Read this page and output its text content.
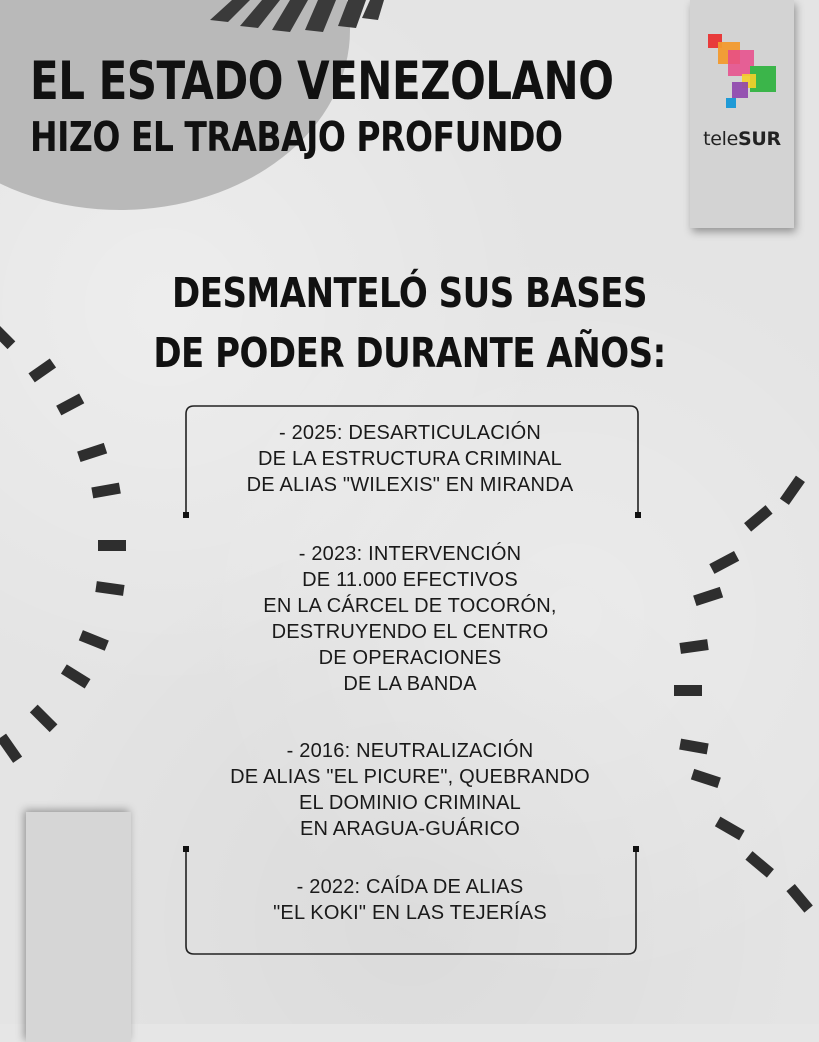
teleSUR
EL ESTADO VENEZOLANO
HIZO EL TRABAJO PROFUNDO
DESMANTELÓ SUS BASES
DE PODER DURANTE AÑOS:
- 2025: DESARTICULACIÓN
DE LA ESTRUCTURA CRIMINAL
DE ALIAS "WILEXIS" EN MIRANDA
- 2023: INTERVENCIÓN
DE 11.000 EFECTIVOS
EN LA CÁRCEL DE TOCORÓN,
DESTRUYENDO EL CENTRO
DE OPERACIONES
DE LA BANDA
- 2016: NEUTRALIZACIÓN
DE ALIAS "EL PICURE", QUEBRANDO
EL DOMINIO CRIMINAL
EN ARAGUA-GUÁRICO
- 2022: CAÍDA DE ALIAS
"EL KOKI" EN LAS TEJERÍAS
